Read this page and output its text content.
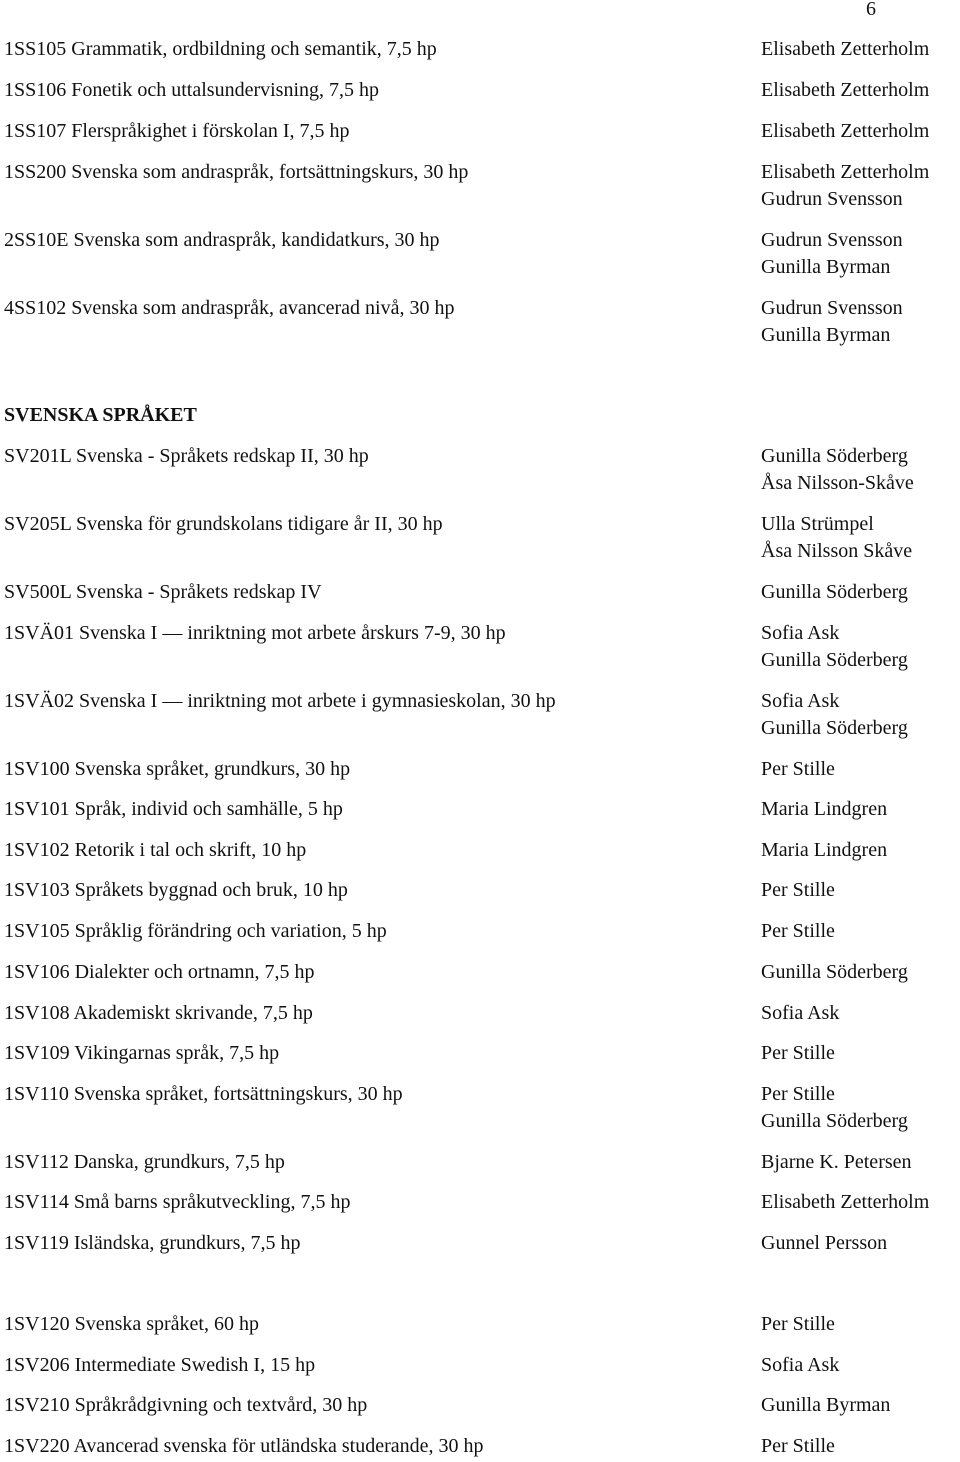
6
SVENSKA SPRÅKET
1SS105 Grammatik, ordbildning och semantik, 7,5 hp	Elisabeth Zetterholm
1SS106 Fonetik och uttalsundervisning, 7,5 hp	Elisabeth Zetterholm
1SS107 Flerspråkighet i förskolan I, 7,5 hp	Elisabeth Zetterholm
1SS200 Svenska som andraspråk, fortsättningskurs, 30 hp	Elisabeth Zetterholm
Gudrun Svensson
2SS10E Svenska som andraspråk, kandidatkurs, 30 hp	Gudrun Svensson
Gunilla Byrman
4SS102 Svenska som andraspråk, avancerad nivå, 30 hp	Gudrun Svensson
Gunilla Byrman
SV201L Svenska - Språkets redskap II, 30 hp	Gunilla Söderberg
Åsa Nilsson-Skåve
SV205L Svenska för grundskolans tidigare år II, 30 hp	Ulla Strümpel
Åsa Nilsson Skåve
SV500L Svenska - Språkets redskap IV	Gunilla Söderberg
1SVÄ01 Svenska I — inriktning mot arbete årskurs 7-9, 30 hp	Sofia Ask
Gunilla Söderberg
1SVÄ02 Svenska I — inriktning mot arbete i gymnasieskolan, 30 hp	Sofia Ask
Gunilla Söderberg
1SV100 Svenska språket, grundkurs, 30 hp	Per Stille
1SV101 Språk, individ och samhälle, 5 hp	Maria Lindgren
1SV102 Retorik i tal och skrift, 10 hp	Maria Lindgren
1SV103 Språkets byggnad och bruk, 10 hp	Per Stille
1SV105 Språklig förändring och variation, 5 hp	Per Stille
1SV106 Dialekter och ortnamn, 7,5 hp	Gunilla Söderberg
1SV108 Akademiskt skrivande, 7,5 hp	Sofia Ask
1SV109 Vikingarnas språk, 7,5 hp	Per Stille
1SV110 Svenska språket, fortsättningskurs, 30 hp	Per Stille
Gunilla Söderberg
1SV112 Danska, grundkurs, 7,5 hp	Bjarne K. Petersen
1SV114 Små barns språkutveckling, 7,5 hp	Elisabeth Zetterholm
1SV119 Isländska, grundkurs, 7,5 hp	Gunnel Persson
1SV120 Svenska språket, 60 hp	Per Stille
1SV206 Intermediate Swedish I, 15 hp	Sofia Ask
1SV210 Språkrådgivning och textvård, 30 hp	Gunilla Byrman
1SV220 Avancerad svenska för utländska studerande, 30 hp	Per Stille
